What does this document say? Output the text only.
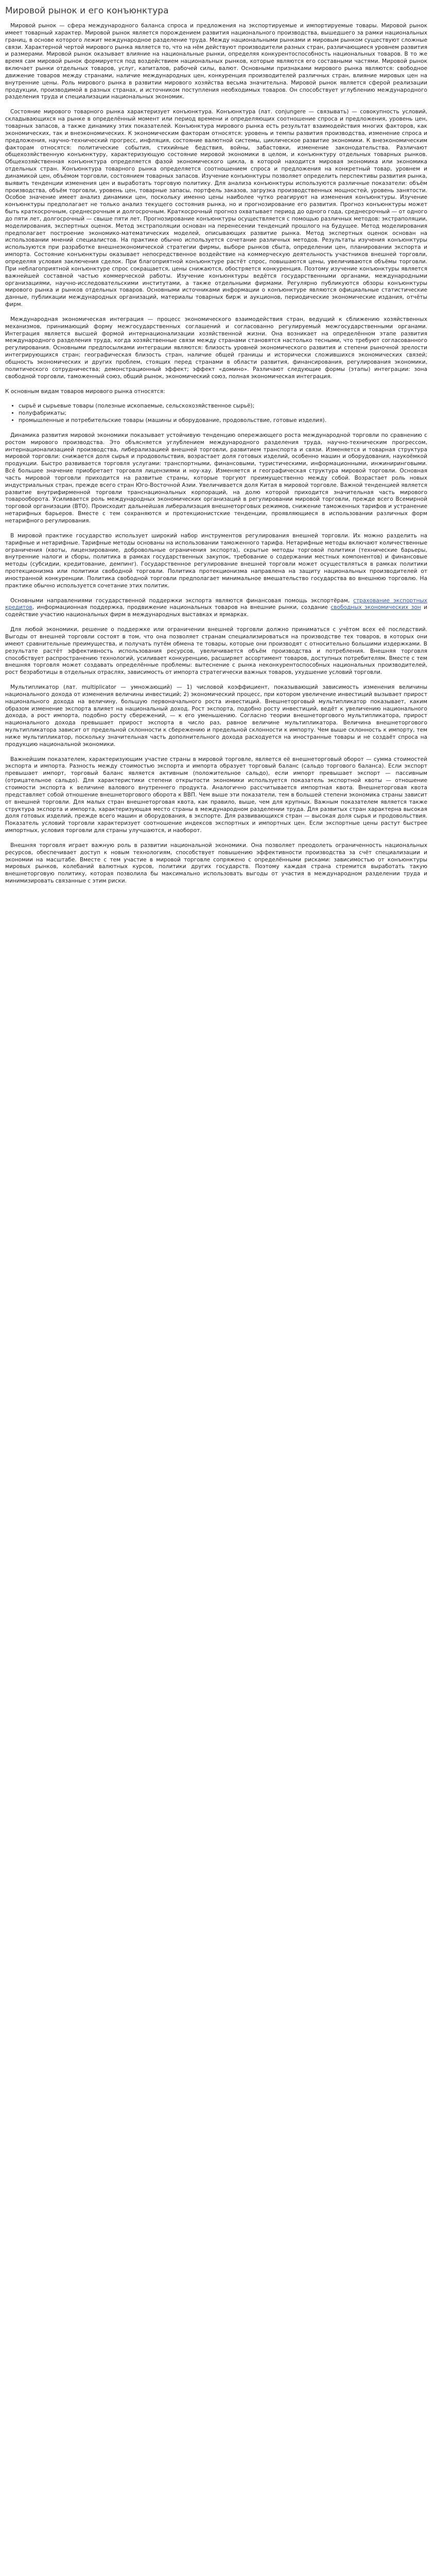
Мировой рынок и его конъюнктура

Мировой рынок — сфера международного баланса спроса и предложения на экспортируемые и импортируемые товары. Мировой рынок имеет товарный характер. Мировой рынок является порождением развития национального производства, вышедшего за рамки национальных границ, в основе которого лежит международное разделение труда. Между национальными рынками и мировым рынком существуют сложные связи. Характерной чертой мирового рынка является то, что на нём действуют производители разных стран, различающиеся уровнем развития и размерами. Мировой рынок оказывает влияние на национальные рынки, определяя конкурентоспособность национальных товаров. В то же время сам мировой рынок формируется под воздействием национальных рынков, которые являются его составными частями. Мировой рынок включает рынки отдельных товаров, услуг, капиталов, рабочей силы, валют. Основными признаками мирового рынка являются: свободное движение товаров между странами, наличие международных цен, конкуренция производителей различных стран, влияние мировых цен на внутренние цены. Роль мирового рынка в развитии мирового хозяйства весьма значительна. Мировой рынок является сферой реализации продукции, производимой в разных странах, и источником поступления необходимых товаров. Он способствует углублению международного разделения труда и специализации национальных экономик.

Состояние мирового товарного рынка характеризует конъюнктура. Конъюнктура (лат. conjungere — связывать) — совокупность условий, складывающихся на рынке в определённый момент или период времени и определяющих соотношение спроса и предложения, уровень цен, товарных запасов, а также динамику этих показателей. Конъюнктура мирового рынка есть результат взаимодействия многих факторов, как экономических, так и внеэкономических. К экономическим факторам относятся: уровень и темпы развития производства, изменение спроса и предложения, научно-технический прогресс, инфляция, состояние валютной системы, циклическое развитие экономики. К внеэкономическим факторам относятся: политические события, стихийные бедствия, войны, забастовки, изменение законодательства. Различают общехозяйственную конъюнктуру, характеризующую состояние мировой экономики в целом, и конъюнктуру отдельных товарных рынков. Общехозяйственная конъюнктура определяется фазой экономического цикла, в которой находится мировая экономика или экономика отдельных стран. Конъюнктура товарного рынка определяется соотношением спроса и предложения на конкретный товар, уровнем и динамикой цен, объёмом торговли, состоянием товарных запасов. Изучение конъюнктуры позволяет определить перспективы развития рынка, выявить тенденции изменения цен и выработать торговую политику. Для анализа конъюнктуры используются различные показатели: объём производства, объём торговли, уровень цен, товарные запасы, портфель заказов, загрузка производственных мощностей, уровень занятости. Особое значение имеет анализ динамики цен, поскольку именно цены наиболее чутко реагируют на изменения конъюнктуры. Изучение конъюнктуры предполагает не только анализ текущего состояния рынка, но и прогнозирование его развития. Прогноз конъюнктуры может быть краткосрочным, среднесрочным и долгосрочным. Краткосрочный прогноз охватывает период до одного года, среднесрочный — от одного до пяти лет, долгосрочный — свыше пяти лет. Прогнозирование конъюнктуры осуществляется с помощью различных методов: экстраполяции, моделирования, экспертных оценок. Метод экстраполяции основан на перенесении тенденций прошлого на будущее. Метод моделирования предполагает построение экономико-математических моделей, описывающих развитие рынка. Метод экспертных оценок основан на использовании мнений специалистов. На практике обычно используется сочетание различных методов. Результаты изучения конъюнктуры используются при разработке внешнеэкономической стратегии фирмы, выборе рынков сбыта, определении цен, планировании экспорта и импорта. Состояние конъюнктуры оказывает непосредственное воздействие на коммерческую деятельность участников внешней торговли, определяя условия заключения сделок. При благоприятной конъюнктуре растёт спрос, повышаются цены, увеличиваются объёмы торговли. При неблагоприятной конъюнктуре спрос сокращается, цены снижаются, обостряется конкуренция. Поэтому изучение конъюнктуры является важнейшей составной частью коммерческой работы. Изучение конъюнктуры ведётся государственными органами, международными организациями, научно-исследовательскими институтами, а также отдельными фирмами. Регулярно публикуются обзоры конъюнктуры мирового рынка и рынков отдельных товаров. Основными источниками информации о конъюнктуре являются официальные статистические данные, публикации международных организаций, материалы товарных бирж и аукционов, периодические экономические издания, отчёты фирм.

Международная экономическая интеграция — процесс экономического взаимодействия стран, ведущий к сближению хозяйственных механизмов, принимающий форму межгосударственных соглашений и согласованно регулируемый межгосударственными органами. Интеграция является высшей формой интернационализации хозяйственной жизни. Она возникает на определённом этапе развития международного разделения труда, когда хозяйственные связи между странами становятся настолько тесными, что требуют согласованного регулирования. Основными предпосылками интеграции являются: близость уровней экономического развития и степени рыночной зрелости интегрирующихся стран; географическая близость стран, наличие общей границы и исторически сложившихся экономических связей; общность экономических и других проблем, стоящих перед странами в области развития, финансирования, регулирования экономики, политического сотрудничества; демонстрационный эффект; эффект «домино». Различают следующие формы (этапы) интеграции: зона свободной торговли, таможенный союз, общий рынок, экономический союз, полная экономическая интеграция.

К основным видам товаров мирового рынка относятся:

• сырьё и сырьевые товары (полезные ископаемые, сельскохозяйственное сырьё);
• полуфабрикаты;
• промышленные и потребительские товары (машины и оборудование, продовольствие, готовые изделия).

Динамика развития мировой экономики показывает устойчивую тенденцию опережающего роста международной торговли по сравнению с ростом мирового производства. Это объясняется углублением международного разделения труда, научно-техническим прогрессом, интернационализацией производства, либерализацией внешней торговли, развитием транспорта и связи. Изменяется и товарная структура мировой торговли: снижается доля сырья и продовольствия, возрастает доля готовых изделий, особенно машин и оборудования, наукоёмкой продукции. Быстро развивается торговля услугами: транспортными, финансовыми, туристическими, информационными, инжиниринговыми. Всё большее значение приобретает торговля лицензиями и ноу-хау. Изменяется и географическая структура мировой торговли. Основная часть мировой торговли приходится на развитые страны, которые торгуют преимущественно между собой. Возрастает роль новых индустриальных стран, прежде всего стран Юго-Восточной Азии. Увеличивается доля Китая в мировой торговле. Важной тенденцией является развитие внутрифирменной торговли транснациональных корпораций, на долю которой приходится значительная часть мирового товарооборота. Усиливается роль международных экономических организаций в регулировании мировой торговли, прежде всего Всемирной торговой организации (ВТО). Происходит дальнейшая либерализация внешнеторговых режимов, снижение таможенных тарифов и устранение нетарифных барьеров. Вместе с тем сохраняются и протекционистские тенденции, проявляющиеся в использовании различных форм нетарифного регулирования.

В мировой практике государство использует широкий набор инструментов регулирования внешней торговли. Их можно разделить на тарифные и нетарифные. Тарифные методы основаны на использовании таможенного тарифа. Нетарифные методы включают количественные ограничения (квоты, лицензирование, добровольные ограничения экспорта), скрытые методы торговой политики (технические барьеры, внутренние налоги и сборы, политика в рамках государственных закупок, требование о содержании местных компонентов) и финансовые методы (субсидии, кредитование, демпинг). Государственное регулирование внешней торговли может осуществляться в рамках политики протекционизма или политики свободной торговли. Политика протекционизма направлена на защиту национальных производителей от иностранной конкуренции. Политика свободной торговли предполагает минимальное вмешательство государства во внешнюю торговлю. На практике обычно используется сочетание этих политик.

Основными направлениями государственной поддержки экспорта являются финансовая помощь экспортёрам, страхование экспортных кредитов, информационная поддержка, продвижение национальных товаров на внешние рынки, создание свободных экономических зон и содействие участию национальных фирм в международных выставках и ярмарках.

Для любой экономики, решение о поддержке или ограничении внешней торговли должно приниматься с учётом всех её последствий. Выгоды от внешней торговли состоят в том, что она позволяет странам специализироваться на производстве тех товаров, в которых они имеют сравнительные преимущества, и получать путём обмена те товары, которые они производят с относительно большими издержками. В результате растёт эффективность использования ресурсов, увеличивается объём производства и потребления. Внешняя торговля способствует распространению технологий, усиливает конкуренцию, расширяет ассортимент товаров, доступных потребителям. Вместе с тем внешняя торговля может создавать определённые проблемы: вытеснение с рынка неконкурентоспособных национальных производителей, рост безработицы в отдельных отраслях, зависимость от импорта стратегически важных товаров, ухудшение условий торговли.

Мультипликатор (лат. multiplicator — умножающий) — 1) числовой коэффициент, показывающий зависимость изменения величины национального дохода от изменения величины инвестиций; 2) экономический процесс, при котором увеличение инвестиций вызывает прирост национального дохода на величину, большую первоначального роста инвестиций. Внешнеторговый мультипликатор показывает, каким образом изменение экспорта влияет на национальный доход. Рост экспорта, подобно росту инвестиций, ведёт к увеличению национального дохода, а рост импорта, подобно росту сбережений, — к его уменьшению. Согласно теории внешнеторгового мультипликатора, прирост национального дохода превышает прирост экспорта в число раз, равное величине мультипликатора. Величина внешнеторгового мультипликатора зависит от предельной склонности к сбережению и предельной склонности к импорту. Чем выше склонность к импорту, тем ниже мультипликатор, поскольку значительная часть дополнительного дохода расходуется на иностранные товары и не создаёт спроса на продукцию национальной экономики.

Важнейшим показателем, характеризующим участие страны в мировой торговле, является её внешнеторговый оборот — сумма стоимостей экспорта и импорта. Разность между стоимостью экспорта и импорта образует торговый баланс (сальдо торгового баланса). Если экспорт превышает импорт, торговый баланс является активным (положительное сальдо), если импорт превышает экспорт — пассивным (отрицательное сальдо). Для характеристики степени открытости экономики используется показатель экспортной квоты — отношение стоимости экспорта к величине валового внутреннего продукта. Аналогично рассчитывается импортная квота. Внешнеторговая квота представляет собой отношение внешнеторгового оборота к ВВП. Чем выше эти показатели, тем в большей степени экономика страны зависит от внешней торговли. Для малых стран внешнеторговая квота, как правило, выше, чем для крупных. Важным показателем является также структура экспорта и импорта, характеризующая место страны в международном разделении труда. Для развитых стран характерна высокая доля готовых изделий, прежде всего машин и оборудования, в экспорте. Для развивающихся стран — высокая доля сырья и продовольствия. Показатель условий торговли характеризует соотношение индексов экспортных и импортных цен. Если экспортные цены растут быстрее импортных, условия торговли для страны улучшаются, и наоборот.

Внешняя торговля играет важную роль в развитии национальной экономики. Она позволяет преодолеть ограниченность национальных ресурсов, обеспечивает доступ к новым технологиям, способствует повышению эффективности производства за счёт специализации и экономии на масштабе. Вместе с тем участие в мировой торговле сопряжено с определёнными рисками: зависимостью от конъюнктуры мировых рынков, колебаний валютных курсов, политики других государств. Поэтому каждая страна стремится выработать такую внешнеторговую политику, которая позволила бы максимально использовать выгоды от участия в международном разделении труда и минимизировать связанные с этим риски.
